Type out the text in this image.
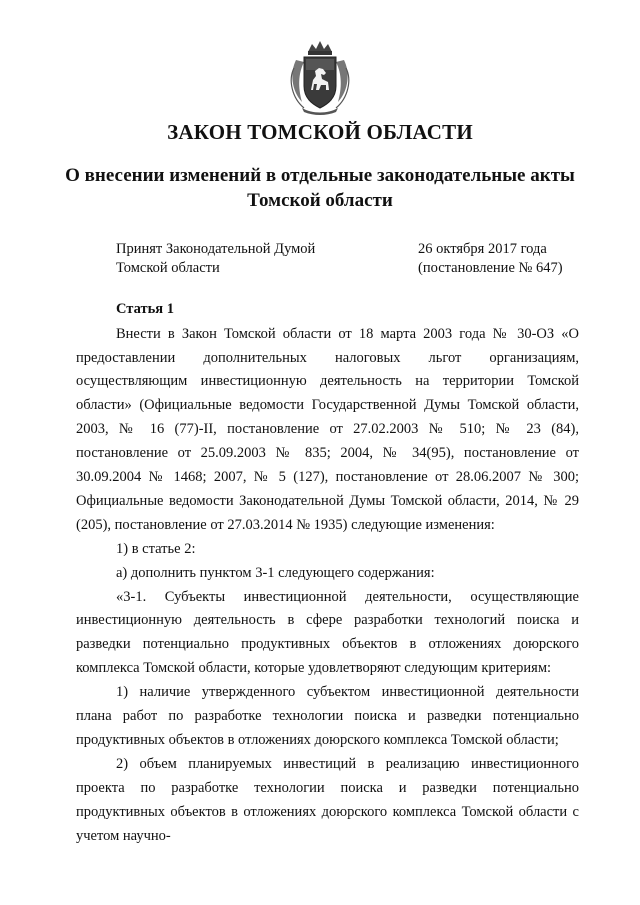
ЗАКОН ТОМСКОЙ ОБЛАСТИ
О внесении изменений в отдельные законодательные акты Томской области
Принят Законодательной Думой
Томской области
26 октября 2017 года
(постановление № 647)

Статья 1

Внести в Закон Томской области от 18 марта 2003 года № 30-ОЗ «О предоставлении дополнительных налоговых льгот организациям, осуществляющим инвестиционную деятельность на территории Томской области» (Официальные ведомости Государственной Думы Томской области, 2003, № 16 (77)-II, постановление от 27.02.2003 № 510; № 23 (84), постановление от 25.09.2003 № 835; 2004, № 34(95), постановление от 30.09.2004 № 1468; 2007, № 5 (127), постановление от 28.06.2007 № 300; Официальные ведомости Законодательной Думы Томской области, 2014, № 29 (205), постановление от 27.03.2014 № 1935) следующие изменения:

1) в статье 2:

а) дополнить пунктом 3-1 следующего содержания:

«3-1. Субъекты инвестиционной деятельности, осуществляющие инвестиционную деятельность в сфере разработки технологий поиска и разведки потенциально продуктивных объектов в отложениях доюрского комплекса Томской области, которые удовлетворяют следующим критериям:

1) наличие утвержденного субъектом инвестиционной деятельности плана работ по разработке технологии поиска и разведки потенциально продуктивных объектов в отложениях доюрского комплекса Томской области;

2) объем планируемых инвестиций в реализацию инвестиционного проекта по разработке технологии поиска и разведки потенциально продуктивных объектов в отложениях доюрского комплекса Томской области с учетом научно-
